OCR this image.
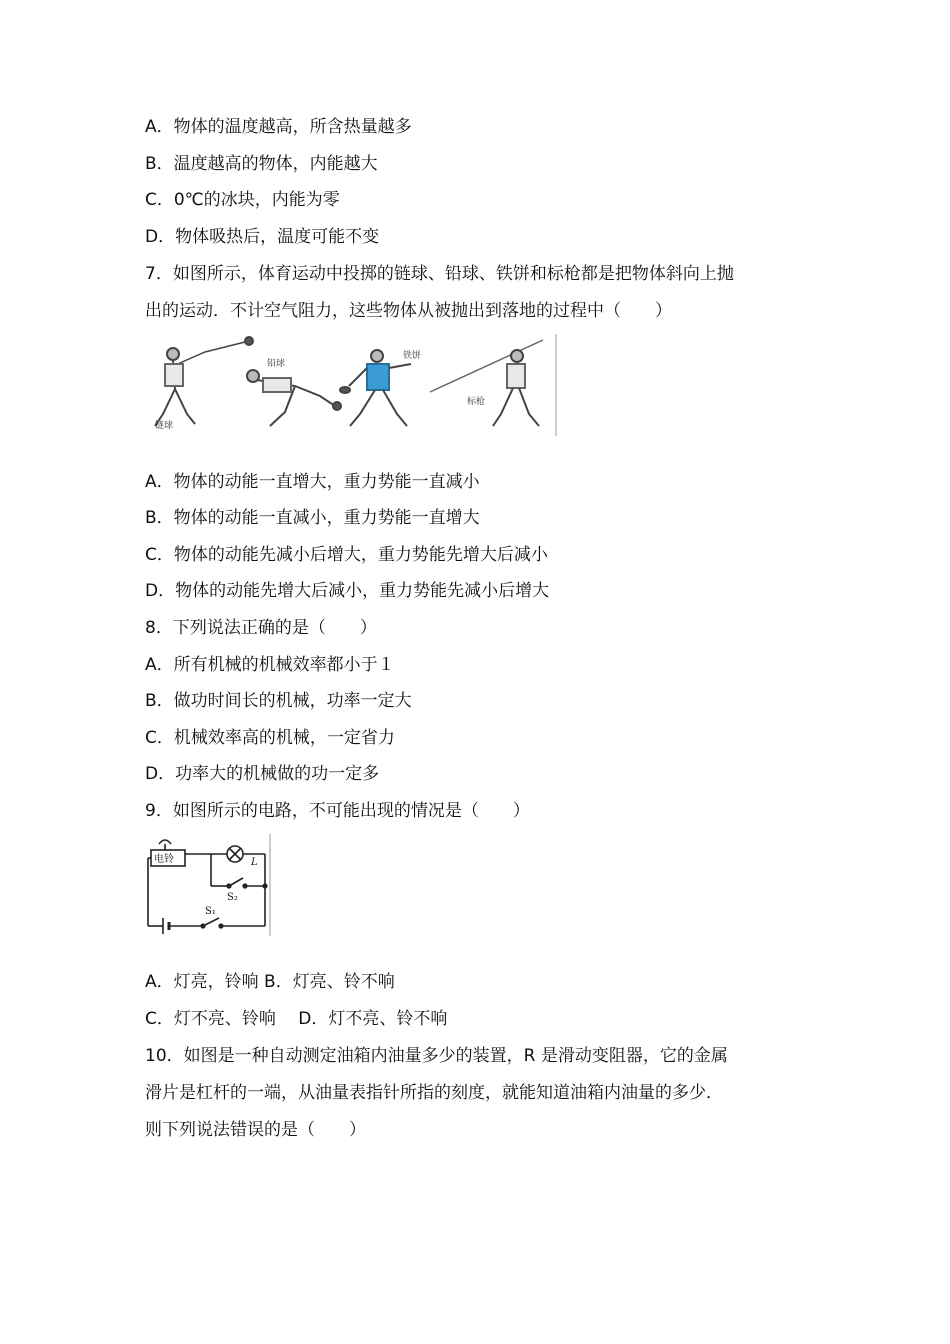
A．物体的温度越高，所含热量越多
B．温度越高的物体，内能越大
C．0℃的冰块，内能为零
D．物体吸热后，温度可能不变
7．如图所示，体育运动中投掷的链球、铅球、铁饼和标枪都是把物体斜向上抛
出的运动．不计空气阻力，这些物体从被抛出到落地的过程中（　　）
链球
铅球
铁饼
标枪
A．物体的动能一直增大，重力势能一直减小
B．物体的动能一直减小，重力势能一直增大
C．物体的动能先减小后增大，重力势能先增大后减小
D．物体的动能先增大后减小，重力势能先减小后增大
8．下列说法正确的是（　　）
A．所有机械的机械效率都小于１
B．做功时间长的机械，功率一定大
C．机械效率高的机械，一定省力
D．功率大的机械做的功一定多
9．如图所示的电路，不可能出现的情况是（　　）
电铃	L
S₂
S₁
A．灯亮，铃响 B．灯亮、铃不响
C．灯不亮、铃响　 D．灯不亮、铃不响
10．如图是一种自动测定油箱内油量多少的装置，R 是滑动变阻器，它的金属
滑片是杠杆的一端，从油量表指针所指的刻度，就能知道油箱内油量的多少．
则下列说法错误的是（　　）
